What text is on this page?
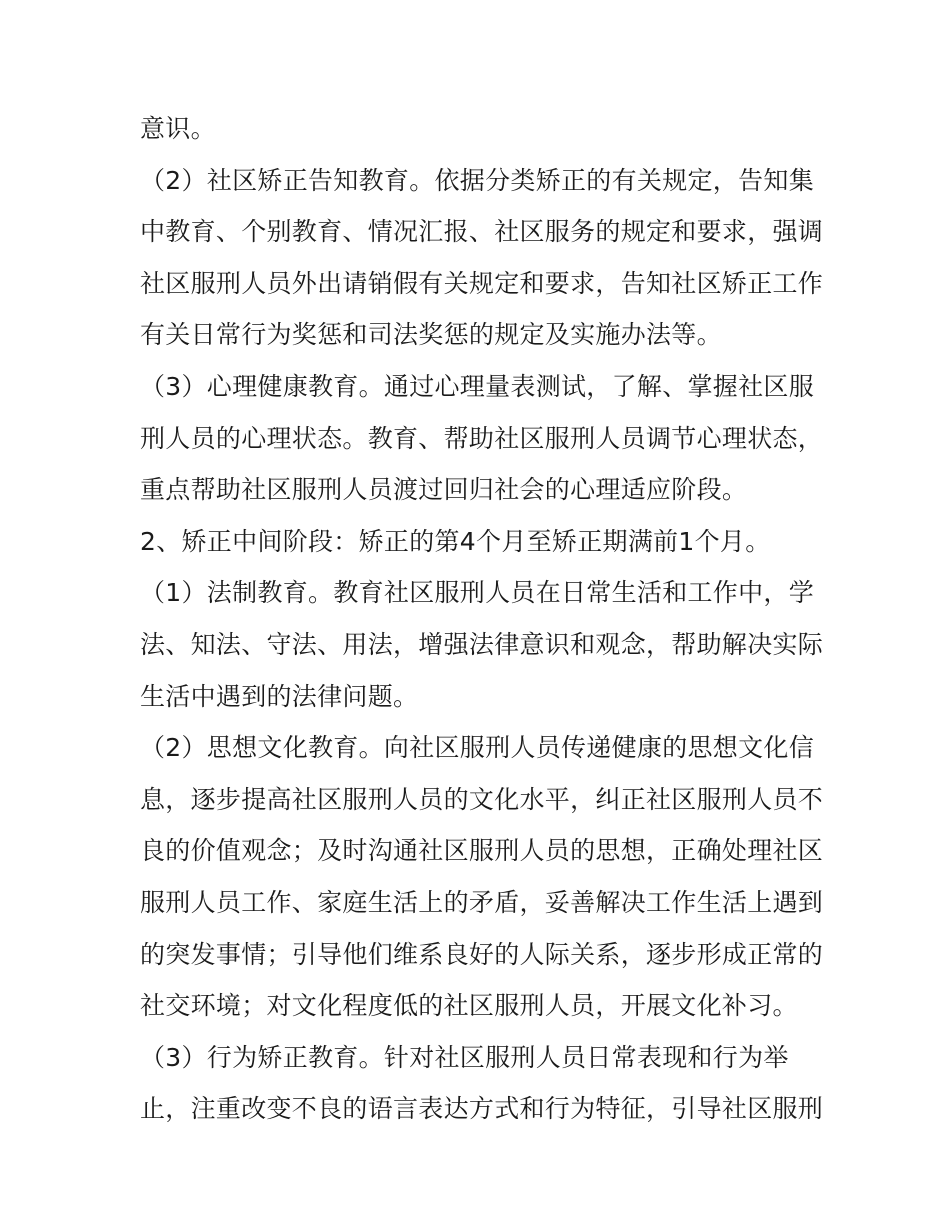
意识。
（2）社区矫正告知教育。依据分类矫正的有关规定，告知集
中教育、个别教育、情况汇报、社区服务的规定和要求，强调
社区服刑人员外出请销假有关规定和要求，告知社区矫正工作
有关日常行为奖惩和司法奖惩的规定及实施办法等。
（3）心理健康教育。通过心理量表测试，了解、掌握社区服
刑人员的心理状态。教育、帮助社区服刑人员调节心理状态，
重点帮助社区服刑人员渡过回归社会的心理适应阶段。
2、矫正中间阶段：矫正的第4个月至矫正期满前1个月。
（1）法制教育。教育社区服刑人员在日常生活和工作中，学
法、知法、守法、用法，增强法律意识和观念，帮助解决实际
生活中遇到的法律问题。
（2）思想文化教育。向社区服刑人员传递健康的思想文化信
息，逐步提高社区服刑人员的文化水平，纠正社区服刑人员不
良的价值观念；及时沟通社区服刑人员的思想，正确处理社区
服刑人员工作、家庭生活上的矛盾，妥善解决工作生活上遇到
的突发事情；引导他们维系良好的人际关系，逐步形成正常的
社交环境；对文化程度低的社区服刑人员，开展文化补习。
（3）行为矫正教育。针对社区服刑人员日常表现和行为举
止，注重改变不良的语言表达方式和行为特征，引导社区服刑
